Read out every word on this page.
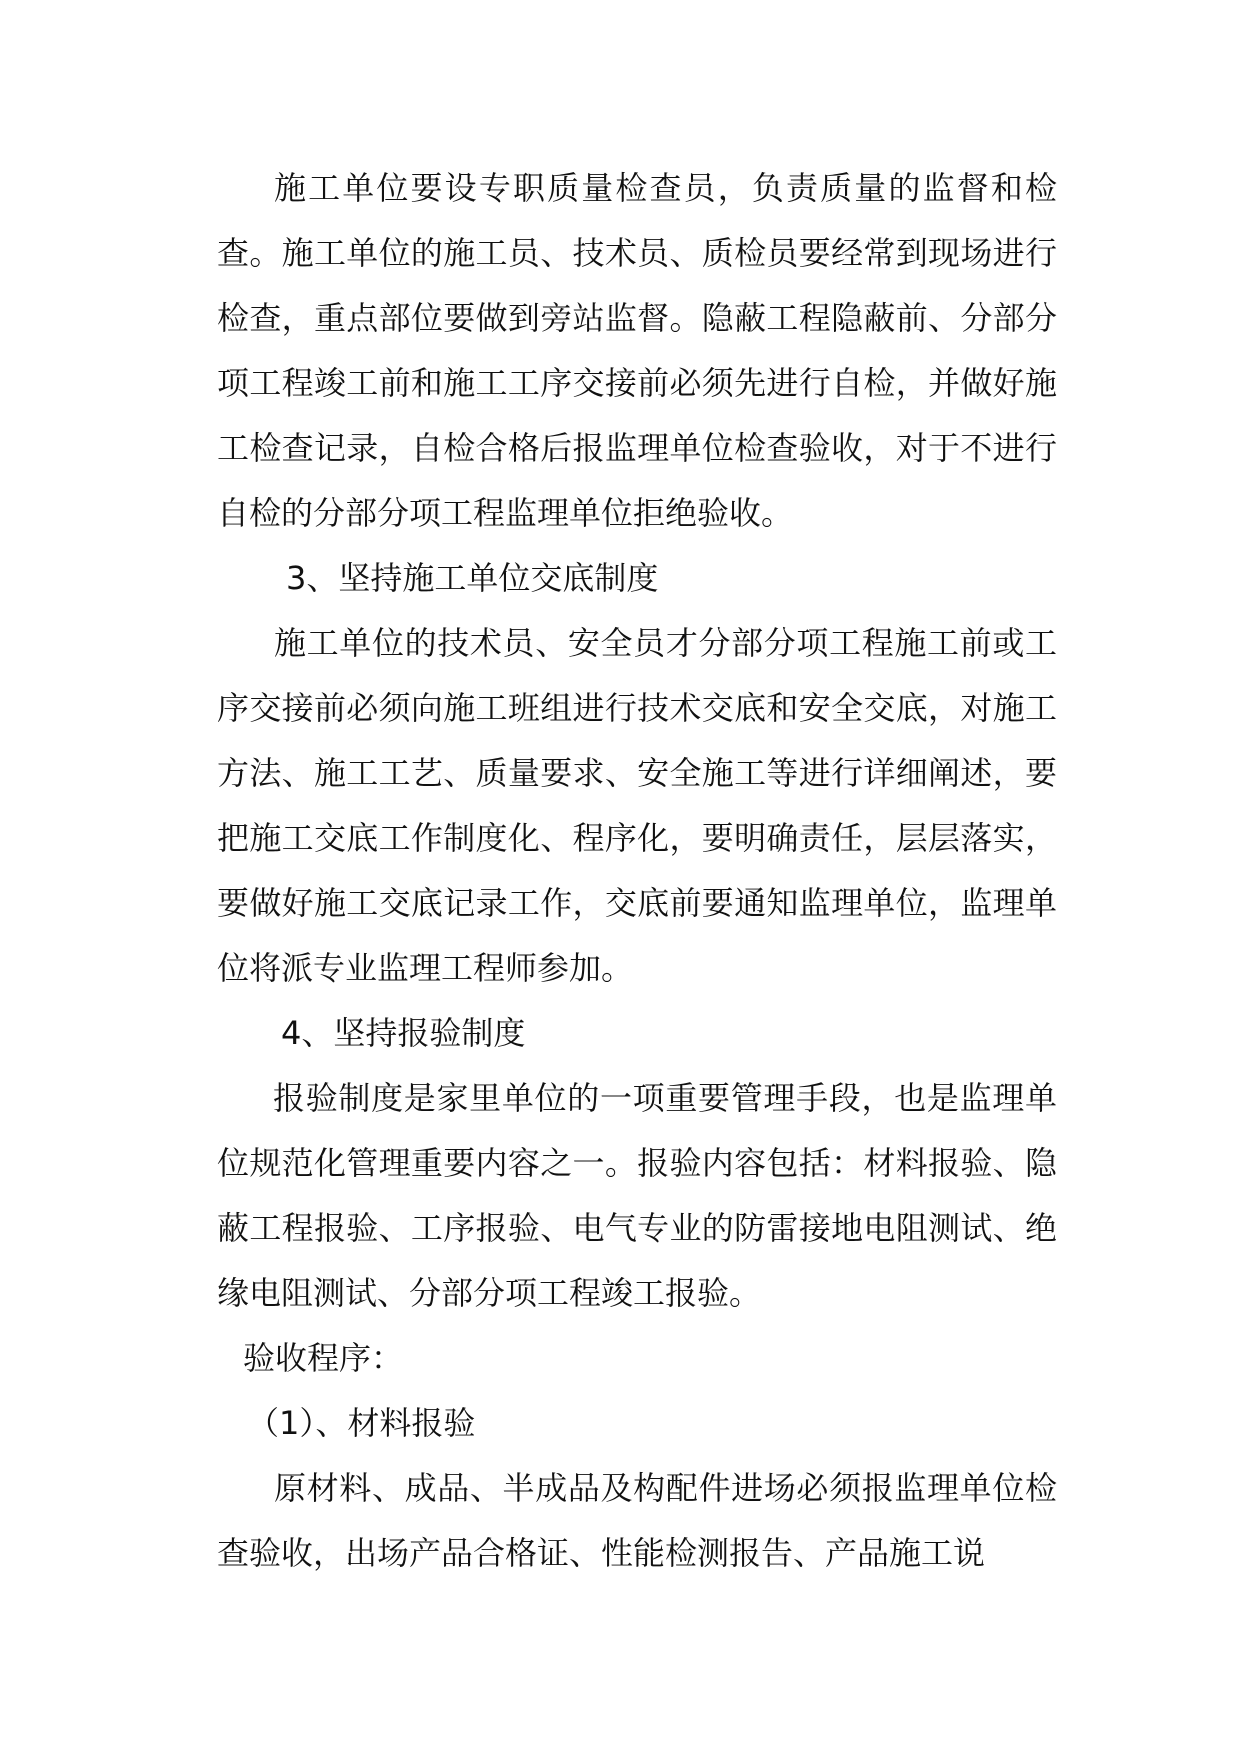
施工单位要设专职质量检查员，负责质量的监督和检查。施工单位的施工员、技术员、质检员要经常到现场进行检查，重点部位要做到旁站监督。隐蔽工程隐蔽前、分部分项工程竣工前和施工工序交接前必须先进行自检，并做好施工检查记录，自检合格后报监理单位检查验收，对于不进行自检的分部分项工程监理单位拒绝验收。

3、坚持施工单位交底制度

施工单位的技术员、安全员才分部分项工程施工前或工序交接前必须向施工班组进行技术交底和安全交底，对施工方法、施工工艺、质量要求、安全施工等进行详细阐述，要把施工交底工作制度化、程序化，要明确责任，层层落实，要做好施工交底记录工作，交底前要通知监理单位，监理单位将派专业监理工程师参加。

4、坚持报验制度

报验制度是家里单位的一项重要管理手段，也是监理单位规范化管理重要内容之一。报验内容包括：材料报验、隐蔽工程报验、工序报验、电气专业的防雷接地电阻测试、绝缘电阻测试、分部分项工程竣工报验。

验收程序：

（1）、材料报验

原材料、成品、半成品及构配件进场必须报监理单位检查验收，出场产品合格证、性能检测报告、产品施工说
